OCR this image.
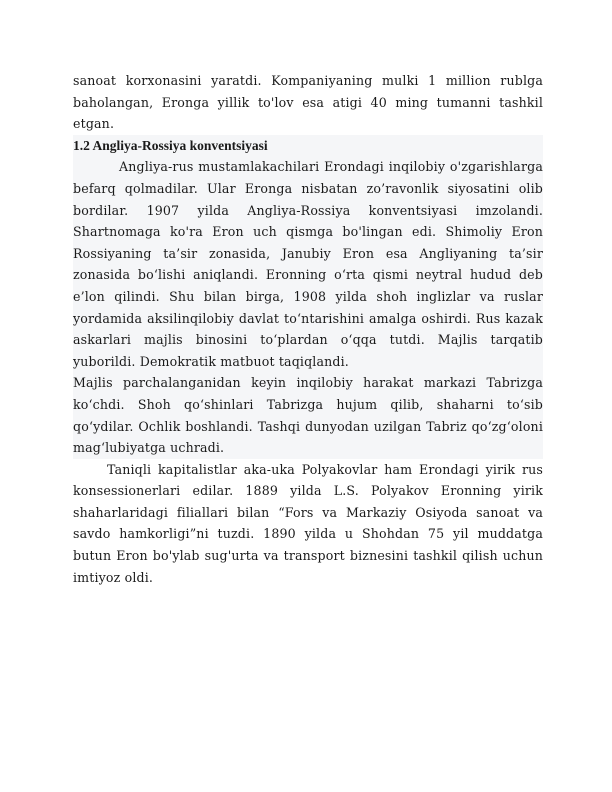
sanoat korxonasini yaratdi. Kompaniyaning mulki 1 million rublga baholangan, Eronga yillik to'lov esa atigi 40 ming tumanni tashkil etgan.

1.2 Angliya-Rossiya konventsiyasi

Angliya-rus mustamlakachilari Erondagi inqilobiy o'zgarishlarga befarq qolmadilar. Ular Eronga nisbatan zo’ravonlik siyosatini olib bordilar. 1907 yilda Angliya-Rossiya konventsiyasi imzolandi. Shartnomaga ko'ra Eron uch qismga bo'lingan edi. Shimoliy Eron Rossiyaning ta’sir zonasida, Janubiy Eron esa Angliyaning ta’sir zonasida bo‘lishi aniqlandi. Eronning o‘rta qismi neytral hudud deb e’lon qilindi. Shu bilan birga, 1908 yilda shoh inglizlar va ruslar yordamida aksilinqilobiy davlat to‘ntarishini amalga oshirdi. Rus kazak askarlari majlis binosini to‘plardan o‘qqa tutdi. Majlis tarqatib yuborildi. Demokratik matbuot taqiqlandi.

Majlis parchalanganidan keyin inqilobiy harakat markazi Tabrizga ko‘chdi. Shoh qo‘shinlari Tabrizga hujum qilib, shaharni to‘sib qo‘ydilar. Ochlik boshlandi. Tashqi dunyodan uzilgan Tabriz qo‘zg‘oloni mag‘lubiyatga uchradi.

Taniqli kapitalistlar aka-uka Polyakovlar ham Erondagi yirik rus konsessionerlari edilar. 1889 yilda L.S. Polyakov Eronning yirik shaharlaridagi filiallari bilan “Fors va Markaziy Osiyoda sanoat va savdo hamkorligi”ni tuzdi. 1890 yilda u Shohdan 75 yil muddatga butun Eron bo'ylab sug'urta va transport biznesini tashkil qilish uchun imtiyoz oldi.
